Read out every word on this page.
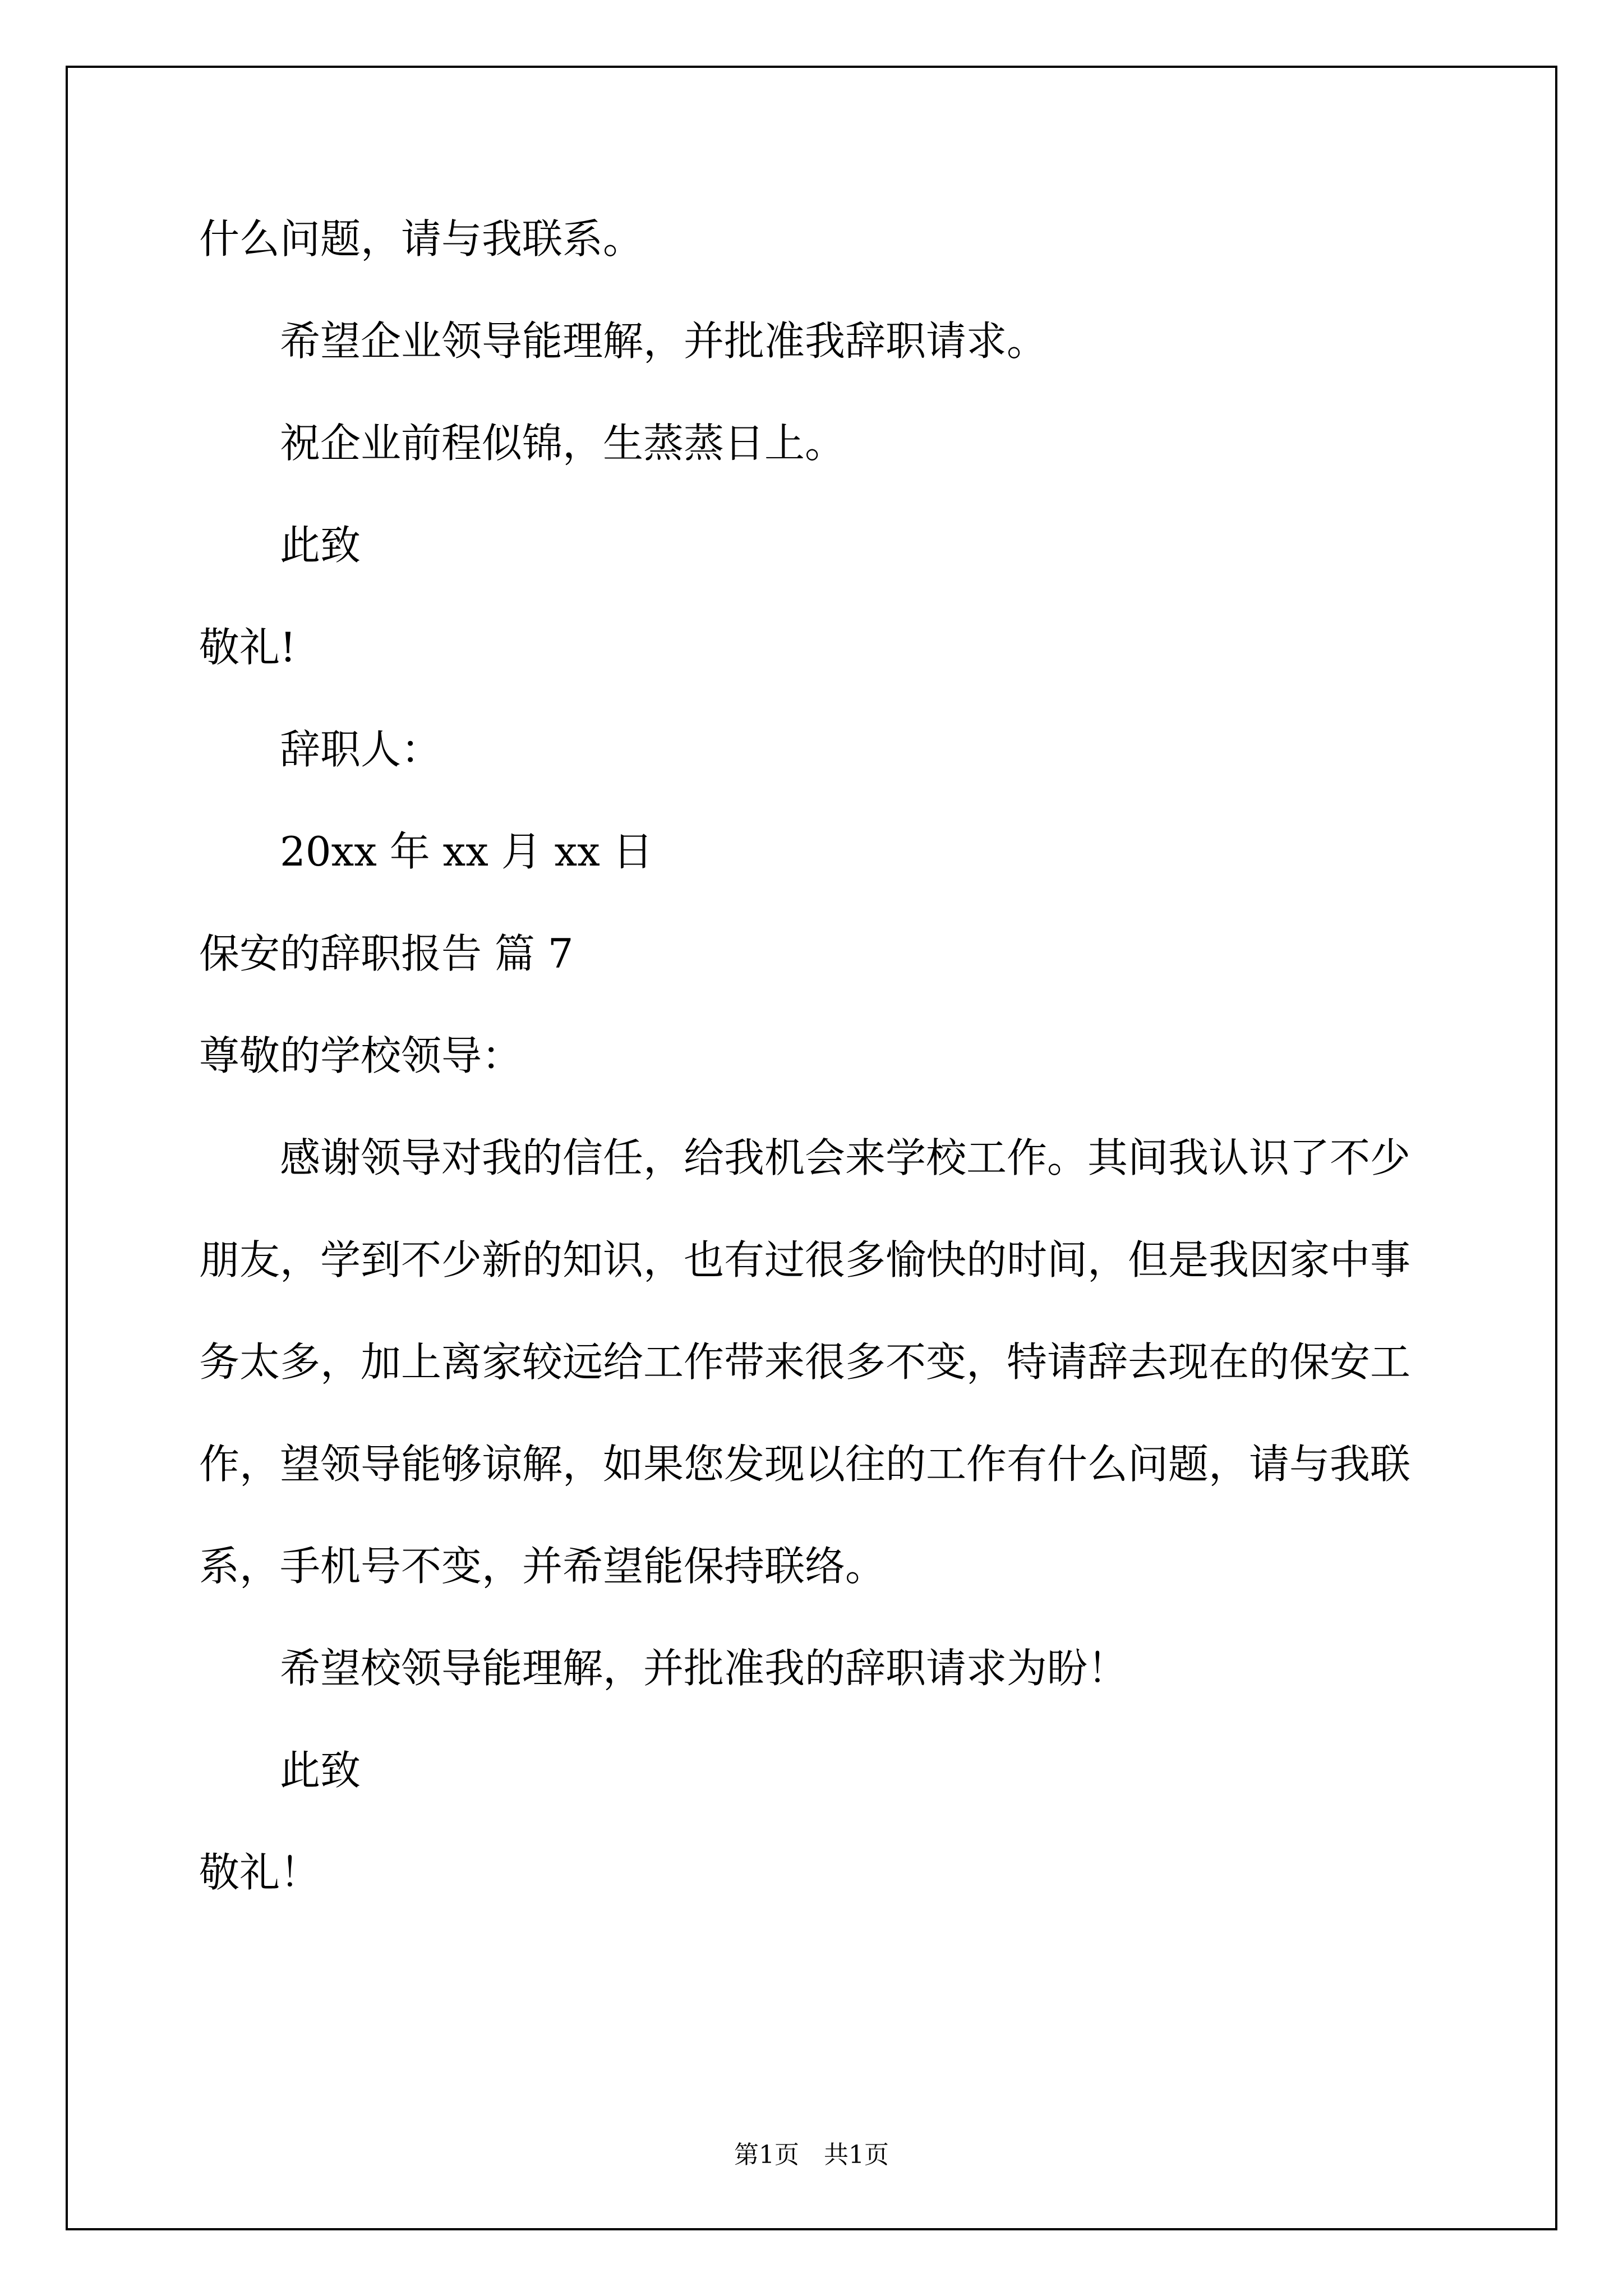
什么问题，请与我联系。
希望企业领导能理解，并批准我辞职请求。
祝企业前程似锦，生蒸蒸日上。
此致
敬礼!
辞职人：
20xx 年 xx 月 xx 日
保安的辞职报告 篇 7
尊敬的学校领导：
感谢领导对我的信任，给我机会来学校工作。其间我认识了不少
朋友，学到不少新的知识，也有过很多愉快的时间，但是我因家中事
务太多，加上离家较远给工作带来很多不变，特请辞去现在的保安工
作，望领导能够谅解，如果您发现以往的工作有什么问题，请与我联
系，手机号不变，并希望能保持联络。
希望校领导能理解，并批准我的辞职请求为盼！
此致
敬礼！
第1页　共1页
